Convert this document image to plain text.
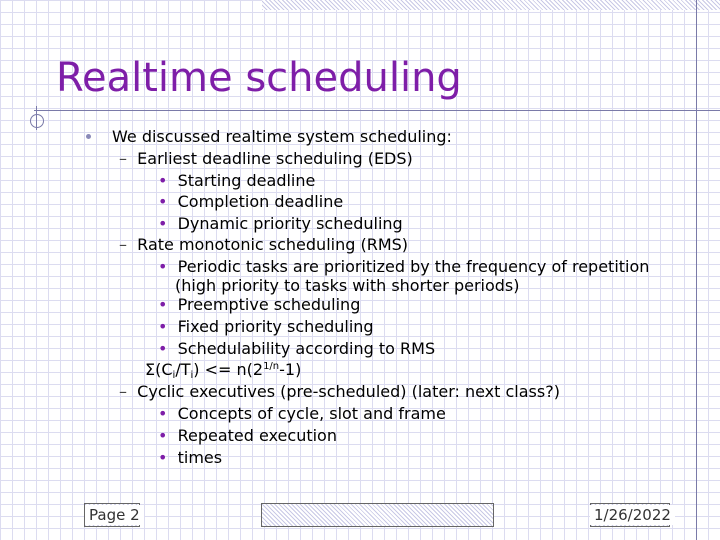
Realtime scheduling
We discussed realtime system scheduling:
– Earliest deadline scheduling (EDS)
• Starting deadline
• Completion deadline
• Dynamic priority scheduling
– Rate monotonic scheduling (RMS)
• Periodic tasks are prioritized by the frequency of repetition
(high priority to tasks with shorter periods)
• Preemptive scheduling
• Fixed priority scheduling
• Schedulability according to RMS
$\Sigma(C_i/T_i) <= n(2^{1/n}-1)$
– Cyclic executives (pre-scheduled) (later: next class?)
• Concepts of cycle, slot and frame
• Repeated execution
• times
Page 2	1/26/2022
